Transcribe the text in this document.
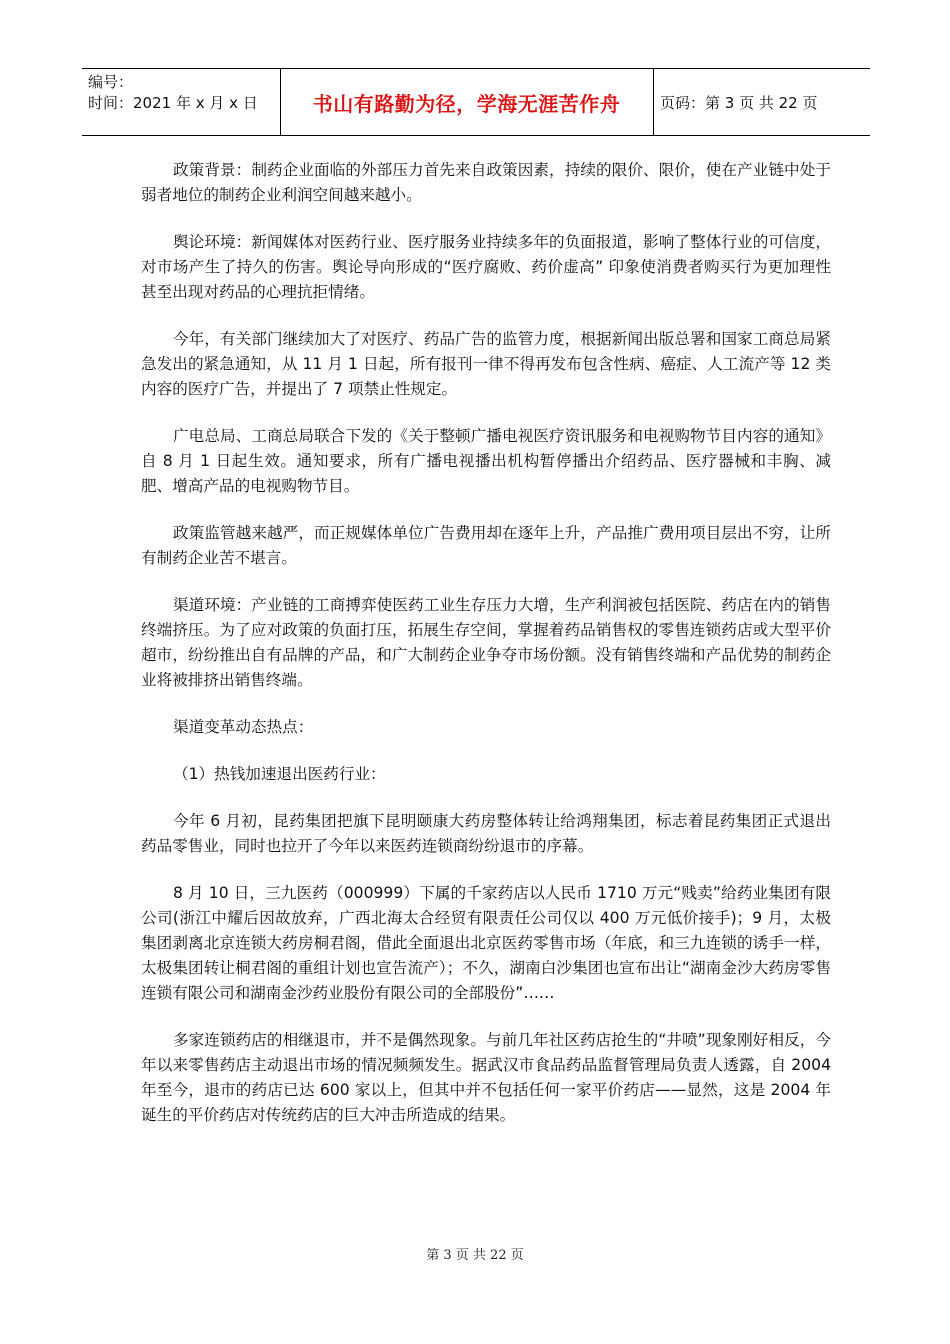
编号：
时间：2021 年 x 月 x 日	书山有路勤为径，学海无涯苦作舟	页码：第 3 页 共 22 页

政策背景：制药企业面临的外部压力首先来自政策因素，持续的限价、限价，使在产业链中处于弱者地位的制药企业利润空间越来越小。

舆论环境：新闻媒体对医药行业、医疗服务业持续多年的负面报道，影响了整体行业的可信度，对市场产生了持久的伤害。舆论导向形成的“医疗腐败、药价虚高” 印象使消费者购买行为更加理性甚至出现对药品的心理抗拒情绪。

今年，有关部门继续加大了对医疗、药品广告的监管力度，根据新闻出版总署和国家工商总局紧急发出的紧急通知，从 11 月 1 日起，所有报刊一律不得再发布包含性病、癌症、人工流产等 12 类内容的医疗广告，并提出了 7 项禁止性规定。

广电总局、工商总局联合下发的《关于整顿广播电视医疗资讯服务和电视购物节目内容的通知》自 8 月 1 日起生效。通知要求，所有广播电视播出机构暂停播出介绍药品、医疗器械和丰胸、减肥、增高产品的电视购物节目。

政策监管越来越严，而正规媒体单位广告费用却在逐年上升，产品推广费用项目层出不穷，让所有制药企业苦不堪言。

渠道环境：产业链的工商搏弈使医药工业生存压力大增，生产利润被包括医院、药店在内的销售终端挤压。为了应对政策的负面打压，拓展生存空间，掌握着药品销售权的零售连锁药店或大型平价超市，纷纷推出自有品牌的产品，和广大制药企业争夺市场份额。没有销售终端和产品优势的制药企业将被排挤出销售终端。

渠道变革动态热点：

（1）热钱加速退出医药行业：

今年 6 月初，昆药集团把旗下昆明颐康大药房整体转让给鸿翔集团，标志着昆药集团正式退出药品零售业，同时也拉开了今年以来医药连锁商纷纷退市的序幕。

8 月 10 日，三九医药（000999）下属的千家药店以人民币 1710 万元“贱卖”给药业集团有限公司(浙江中耀后因故放弃，广西北海太合经贸有限责任公司仅以 400 万元低价接手)；9 月，太极集团剥离北京连锁大药房桐君阁，借此全面退出北京医药零售市场（年底，和三九连锁的诱手一样，太极集团转让桐君阁的重组计划也宣告流产）；不久，湖南白沙集团也宣布出让“湖南金沙大药房零售连锁有限公司和湖南金沙药业股份有限公司的全部股份”……

多家连锁药店的相继退市，并不是偶然现象。与前几年社区药店抢生的“井喷”现象刚好相反，今年以来零售药店主动退出市场的情况频频发生。据武汉市食品药品监督管理局负责人透露，自 2004 年至今，退市的药店已达 600 家以上，但其中并不包括任何一家平价药店——显然，这是 2004 年诞生的平价药店对传统药店的巨大冲击所造成的结果。

第 3 页 共 22 页
